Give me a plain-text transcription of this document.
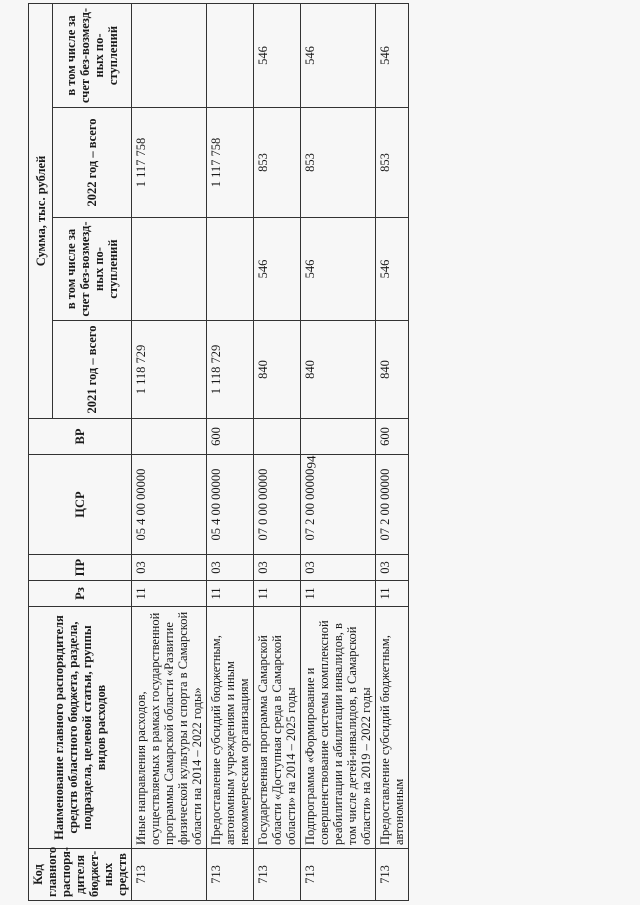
Код главного распоря-дителя бюджет-ных средств	Наименование главного распорядителя средств областного бюджета, раздела, подраздела, целевой статьи, группы видов расходов	Рз	ПР	ЦСР	ВР	Сумма, тыс. рублей			
						2021 год – всего	в том числе за счет без-возмезд-ных по-ступлений	2022 год – всего	в том числе за счет без-возмезд-ных по-ступлений
713	Иные направления расходов, осуществляемых в рамках государственной программы Самарской области «Развитие физической культуры и спорта в Самарской области на 2014 – 2022 годы»	11	03	05 4 00 00000		1 118 729		1 117 758	
713	Предоставление субсидий бюджетным, автономным учреждениям и иным некоммерческим организациям	11	03	05 4 00 00000	600	1 118 729		1 117 758	
713	Государственная программа Самарской области «Доступная среда в Самарской области» на 2014 – 2025 годы	11	03	07 0 00 00000		840	546	853	546
713	Подпрограмма «Формирование и совершенствование системы комплексной реабилитации и абилитации инвалидов, в том числе детей-инвалидов, в Самарской области» на 2019 – 2022 годы	11	03	07 2 00 00000		840	546	853	546
713	Предоставление субсидий бюджетным, автономным	11	03	07 2 00 00000	600	840	546	853	546
94
